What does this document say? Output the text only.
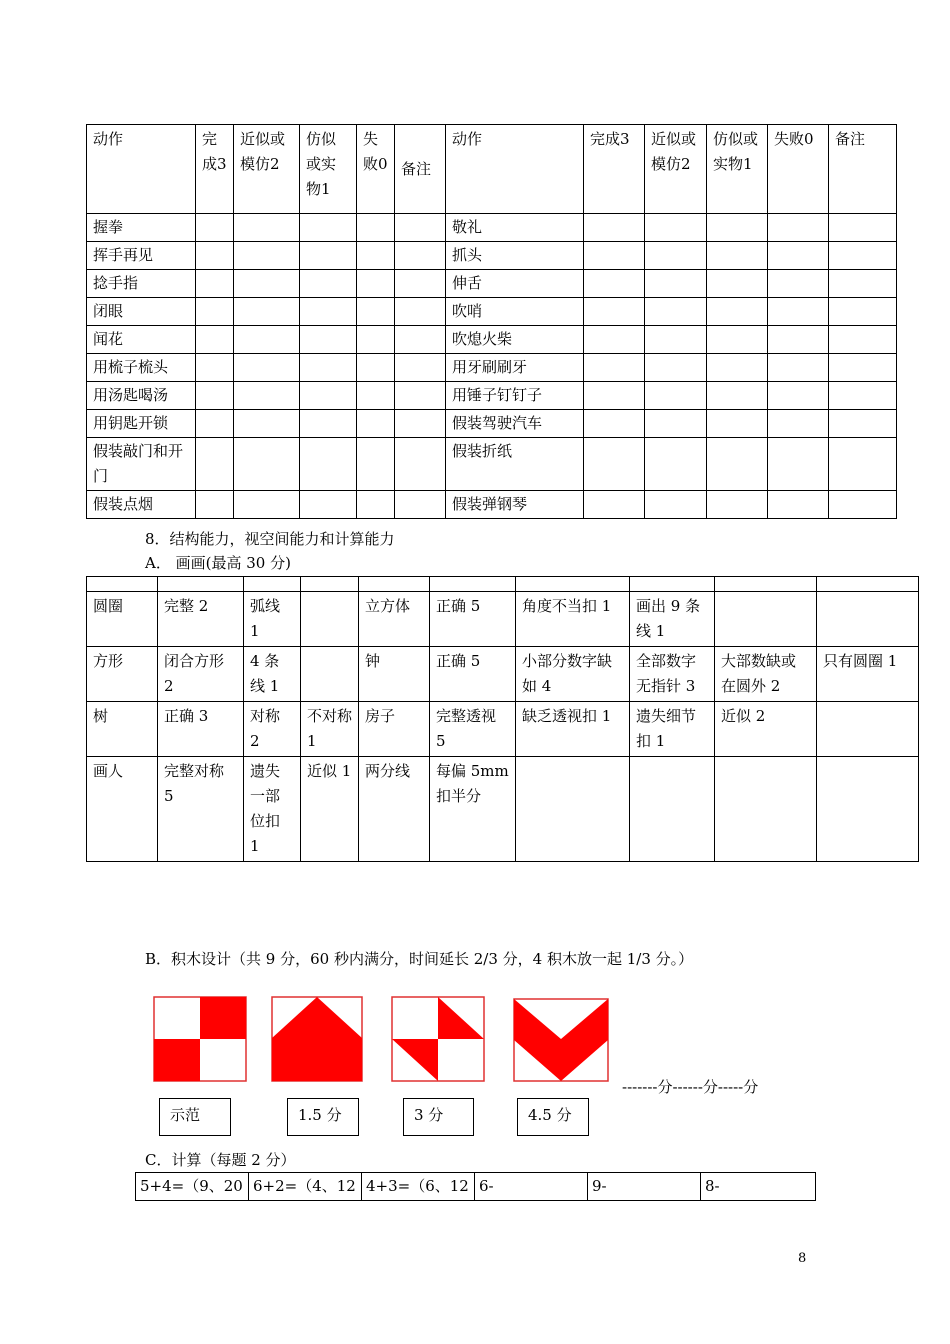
动作	完成3	近似或模仿2	仿似或实物1	失败0	备注	动作	完成3	近似或模仿2	仿似或实物1	失败0	备注
握拳						敬礼					
挥手再见						抓头					
捻手指						伸舌					
闭眼						吹哨					
闻花						吹熄火柴					
用梳子梳头						用牙刷刷牙					
用汤匙喝汤						用锤子钉钉子					
用钥匙开锁						假装驾驶汽车					
假装敲门和开门						假装折纸					
假装点烟						假装弹钢琴					
8．结构能力，视空间能力和计算能力
A． 画画(最高 30 分)

圆圈	完整 2	弧线 1		立方体	正确 5	角度不当扣 1	画出 9 条线 1		
方形	闭合方形 2	4 条线 1		钟	正确 5	小部分数字缺如 4	全部数字无指针 3	大部数缺或在圆外 2	只有圆圈 1
树	正确 3	对称 2	不对称 1	房子	完整透视 5	缺乏透视扣 1	遗失细节扣 1	近似 2	
画人	完整对称 5	遗失一部位扣 1	近似 1	两分线	每偏 5mm 扣半分				
B．积木设计（共 9 分，60 秒内满分，时间延长 2/3 分，4 积木放一起 1/3 分。）
-------分------分-----分
示范	1.5 分	3 分	4.5 分
C．计算（每题 2 分）
5+4=（9、20	6+2=（4、12	4+3=（6、12	6-	9-	8-
8
